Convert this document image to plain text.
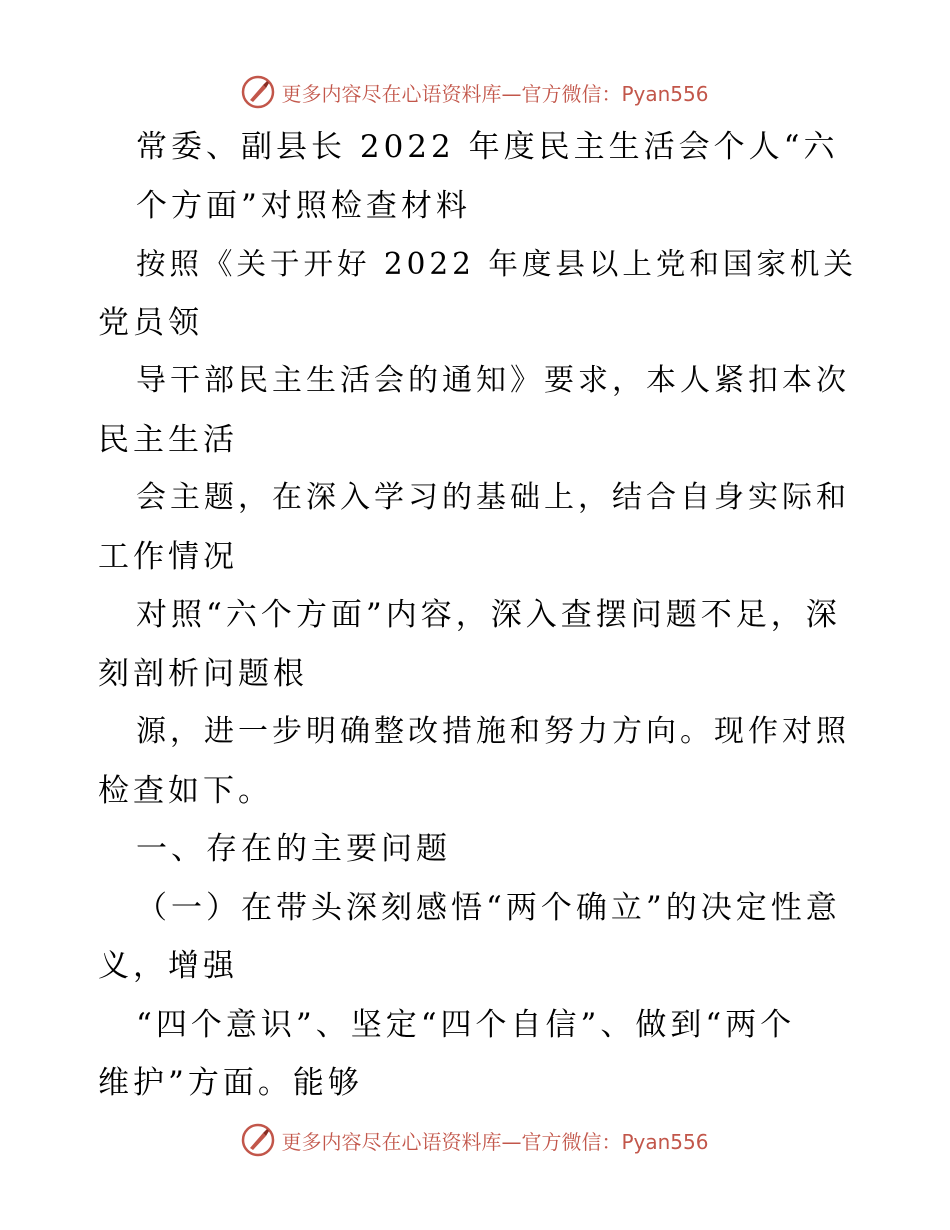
更多内容尽在心语资料库—官方微信：Pyan556
常委、副县长 2022 年度民主生活会个人“六
个方面”对照检查材料
按照《关于开好 2022 年度县以上党和国家机关
党员领
导干部民主生活会的通知》要求，本人紧扣本次
民主生活
会主题，在深入学习的基础上，结合自身实际和
工作情况
对照“六个方面”内容，深入查摆问题不足，深
刻剖析问题根
源，进一步明确整改措施和努力方向。现作对照
检查如下。
一、存在的主要问题
（一）在带头深刻感悟“两个确立”的决定性意
义，增强
“四个意识”、坚定“四个自信”、做到“两个
维护”方面。能够
更多内容尽在心语资料库—官方微信：Pyan556
